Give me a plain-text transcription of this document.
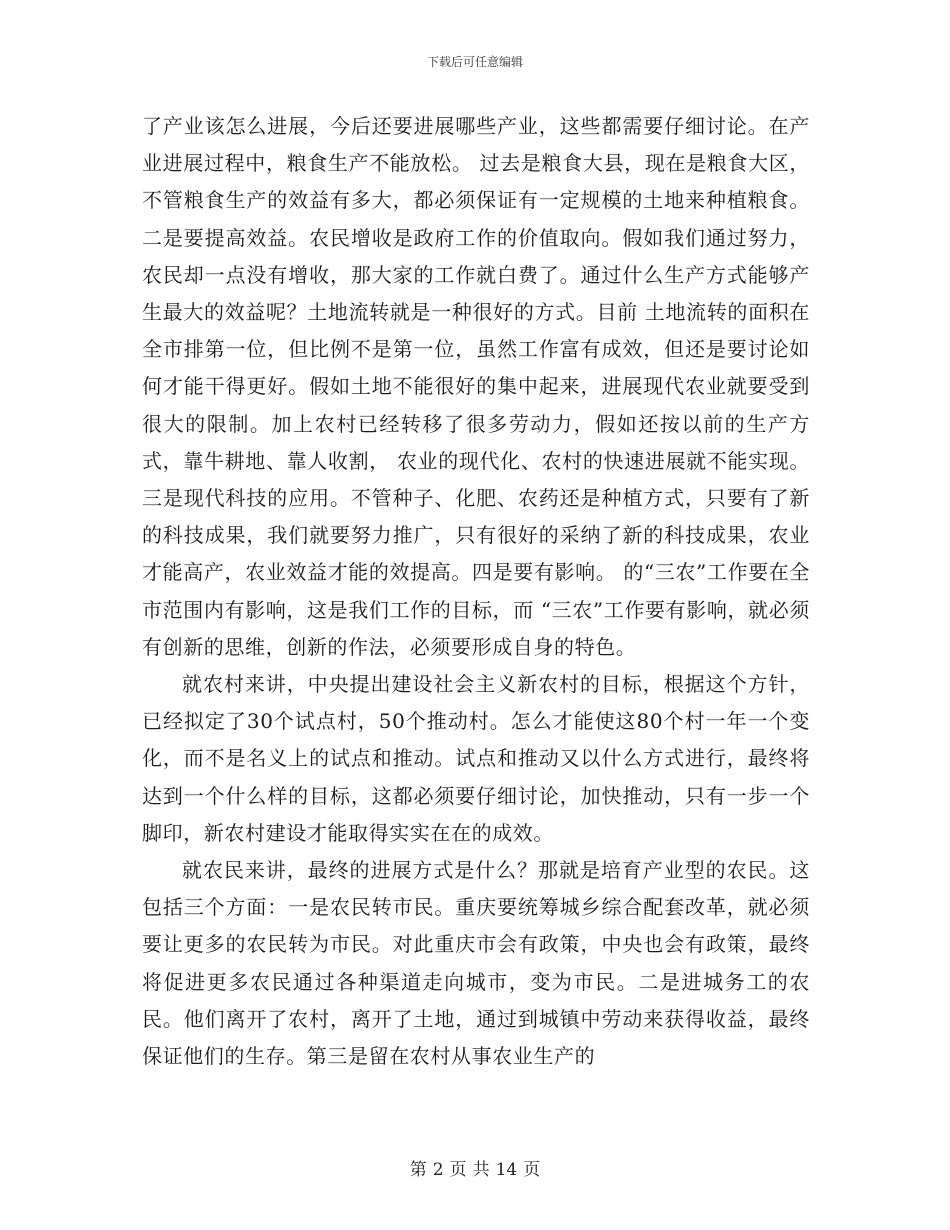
下载后可任意编辑

了产业该怎么进展，今后还要进展哪些产业，这些都需要仔细讨论。在产业进展过程中，粮食生产不能放松。 过去是粮食大县，现在是粮食大区，不管粮食生产的效益有多大，都必须保证有一定规模的土地来种植粮食。二是要提高效益。农民增收是政府工作的价值取向。假如我们通过努力，农民却一点没有增收，那大家的工作就白费了。通过什么生产方式能够产生最大的效益呢？土地流转就是一种很好的方式。目前 土地流转的面积在全市排第一位，但比例不是第一位，虽然工作富有成效，但还是要讨论如何才能干得更好。假如土地不能很好的集中起来，进展现代农业就要受到很大的限制。加上农村已经转移了很多劳动力，假如还按以前的生产方式，靠牛耕地、靠人收割， 农业的现代化、农村的快速进展就不能实现。三是现代科技的应用。不管种子、化肥、农药还是种植方式，只要有了新的科技成果，我们就要努力推广，只有很好的采纳了新的科技成果，农业才能高产，农业效益才能的效提高。四是要有影响。 的“三农”工作要在全市范围内有影响，这是我们工作的目标，而 “三农”工作要有影响，就必须有创新的思维，创新的作法，必须要形成自身的特色。

就农村来讲，中央提出建设社会主义新农村的目标，根据这个方针， 已经拟定了30个试点村，50个推动村。怎么才能使这80个村一年一个变化，而不是名义上的试点和推动。试点和推动又以什么方式进行，最终将达到一个什么样的目标，这都必须要仔细讨论，加快推动，只有一步一个脚印，新农村建设才能取得实实在在的成效。

就农民来讲，最终的进展方式是什么？那就是培育产业型的农民。这包括三个方面：一是农民转市民。重庆要统筹城乡综合配套改革，就必须要让更多的农民转为市民。对此重庆市会有政策，中央也会有政策，最终将促进更多农民通过各种渠道走向城市，变为市民。二是进城务工的农民。他们离开了农村，离开了土地，通过到城镇中劳动来获得收益，最终保证他们的生存。第三是留在农村从事农业生产的

第 2 页 共 14 页
